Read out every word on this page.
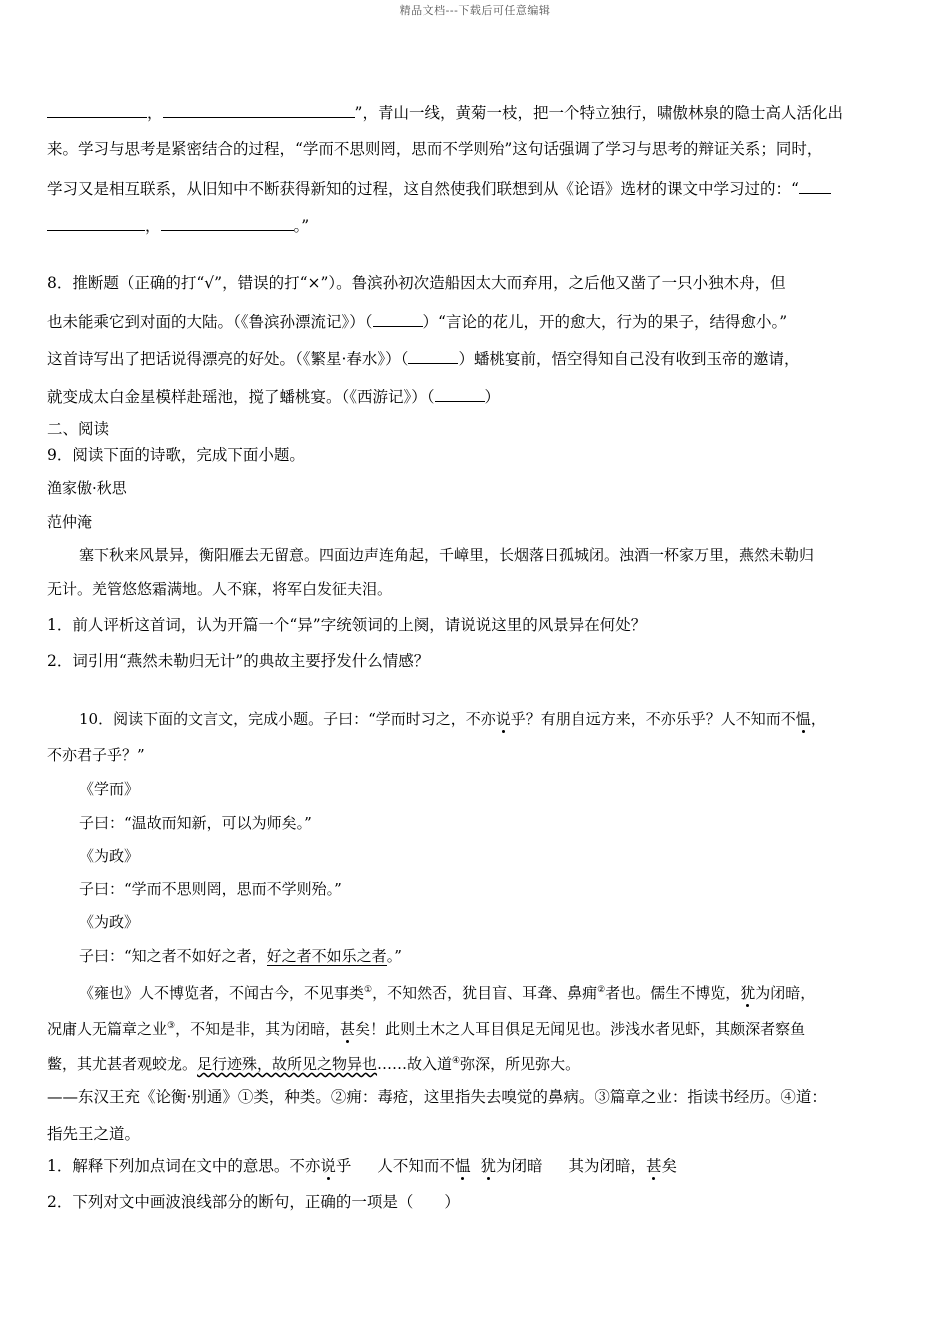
精品文档---下载后可任意编辑
，	”，青山一线，黄菊一枝，把一个特立独行，啸傲林泉的隐士高人活化出
来。学习与思考是紧密结合的过程，“学而不思则罔，思而不学则殆”这句话强调了学习与思考的辩证关系；同时，
学习又是相互联系，从旧知中不断获得新知的过程，这自然使我们联想到从《论语》选材的课文中学习过的：“
，	。”
8．推断题（正确的打“√”，错误的打“×”）。鲁滨孙初次造船因太大而弃用，之后他又凿了一只小独木舟，但
也未能乘它到对面的大陆。（《鲁滨孙漂流记》）（	）“言论的花儿，开的愈大，行为的果子，结得愈小。”
这首诗写出了把话说得漂亮的好处。（《繁星·春水》）（	）蟠桃宴前，悟空得知自己没有收到玉帝的邀请，
就变成太白金星模样赴瑶池，搅了蟠桃宴。（《西游记》）（	）
二、阅读
9．阅读下面的诗歌，完成下面小题。
渔家傲·秋思
范仲淹
塞下秋来风景异，衡阳雁去无留意。四面边声连角起，千嶂里，长烟落日孤城闭。浊酒一杯家万里，燕然未勒归
无计。羌管悠悠霜满地。人不寐，将军白发征夫泪。
1．前人评析这首词，认为开篇一个“异”字统领词的上阕，请说说这里的风景异在何处？
2．词引用“燕然未勒归无计”的典故主要抒发什么情感？
10．阅读下面的文言文，完成小题。子曰：“学而时习之，不亦说乎？有朋自远方来，不亦乐乎？人不知而不愠，
不亦君子乎？”
《学而》
子曰：“温故而知新，可以为师矣。”
《为政》
子曰：“学而不思则罔，思而不学则殆。”
《为政》
子曰：“知之者不如好之者，好之者不如乐之者。”
《雍也》人不博览者，不闻古今，不见事类①，不知然否，犹目盲、耳聋、鼻痈②者也。儒生不博览，犹为闭暗，
况庸人无篇章之业③，不知是非，其为闭暗，甚矣！此则土木之人耳目俱足无闻见也。涉浅水者见虾，其颇深者察鱼
鳖，其尤甚者观蛟龙。足行迹殊，故所见之物异也……故入道④弥深，所见弥大。
——东汉王充《论衡·别通》①类，种类。②痈：毒疮，这里指失去嗅觉的鼻病。③篇章之业：指读书经历。④道：
指先王之道。
1．解释下列加点词在文中的意思。不亦说乎 人不知而不愠 犹为闭暗 其为闭暗，甚矣
2．下列对文中画波浪线部分的断句，正确的一项是（　　）
